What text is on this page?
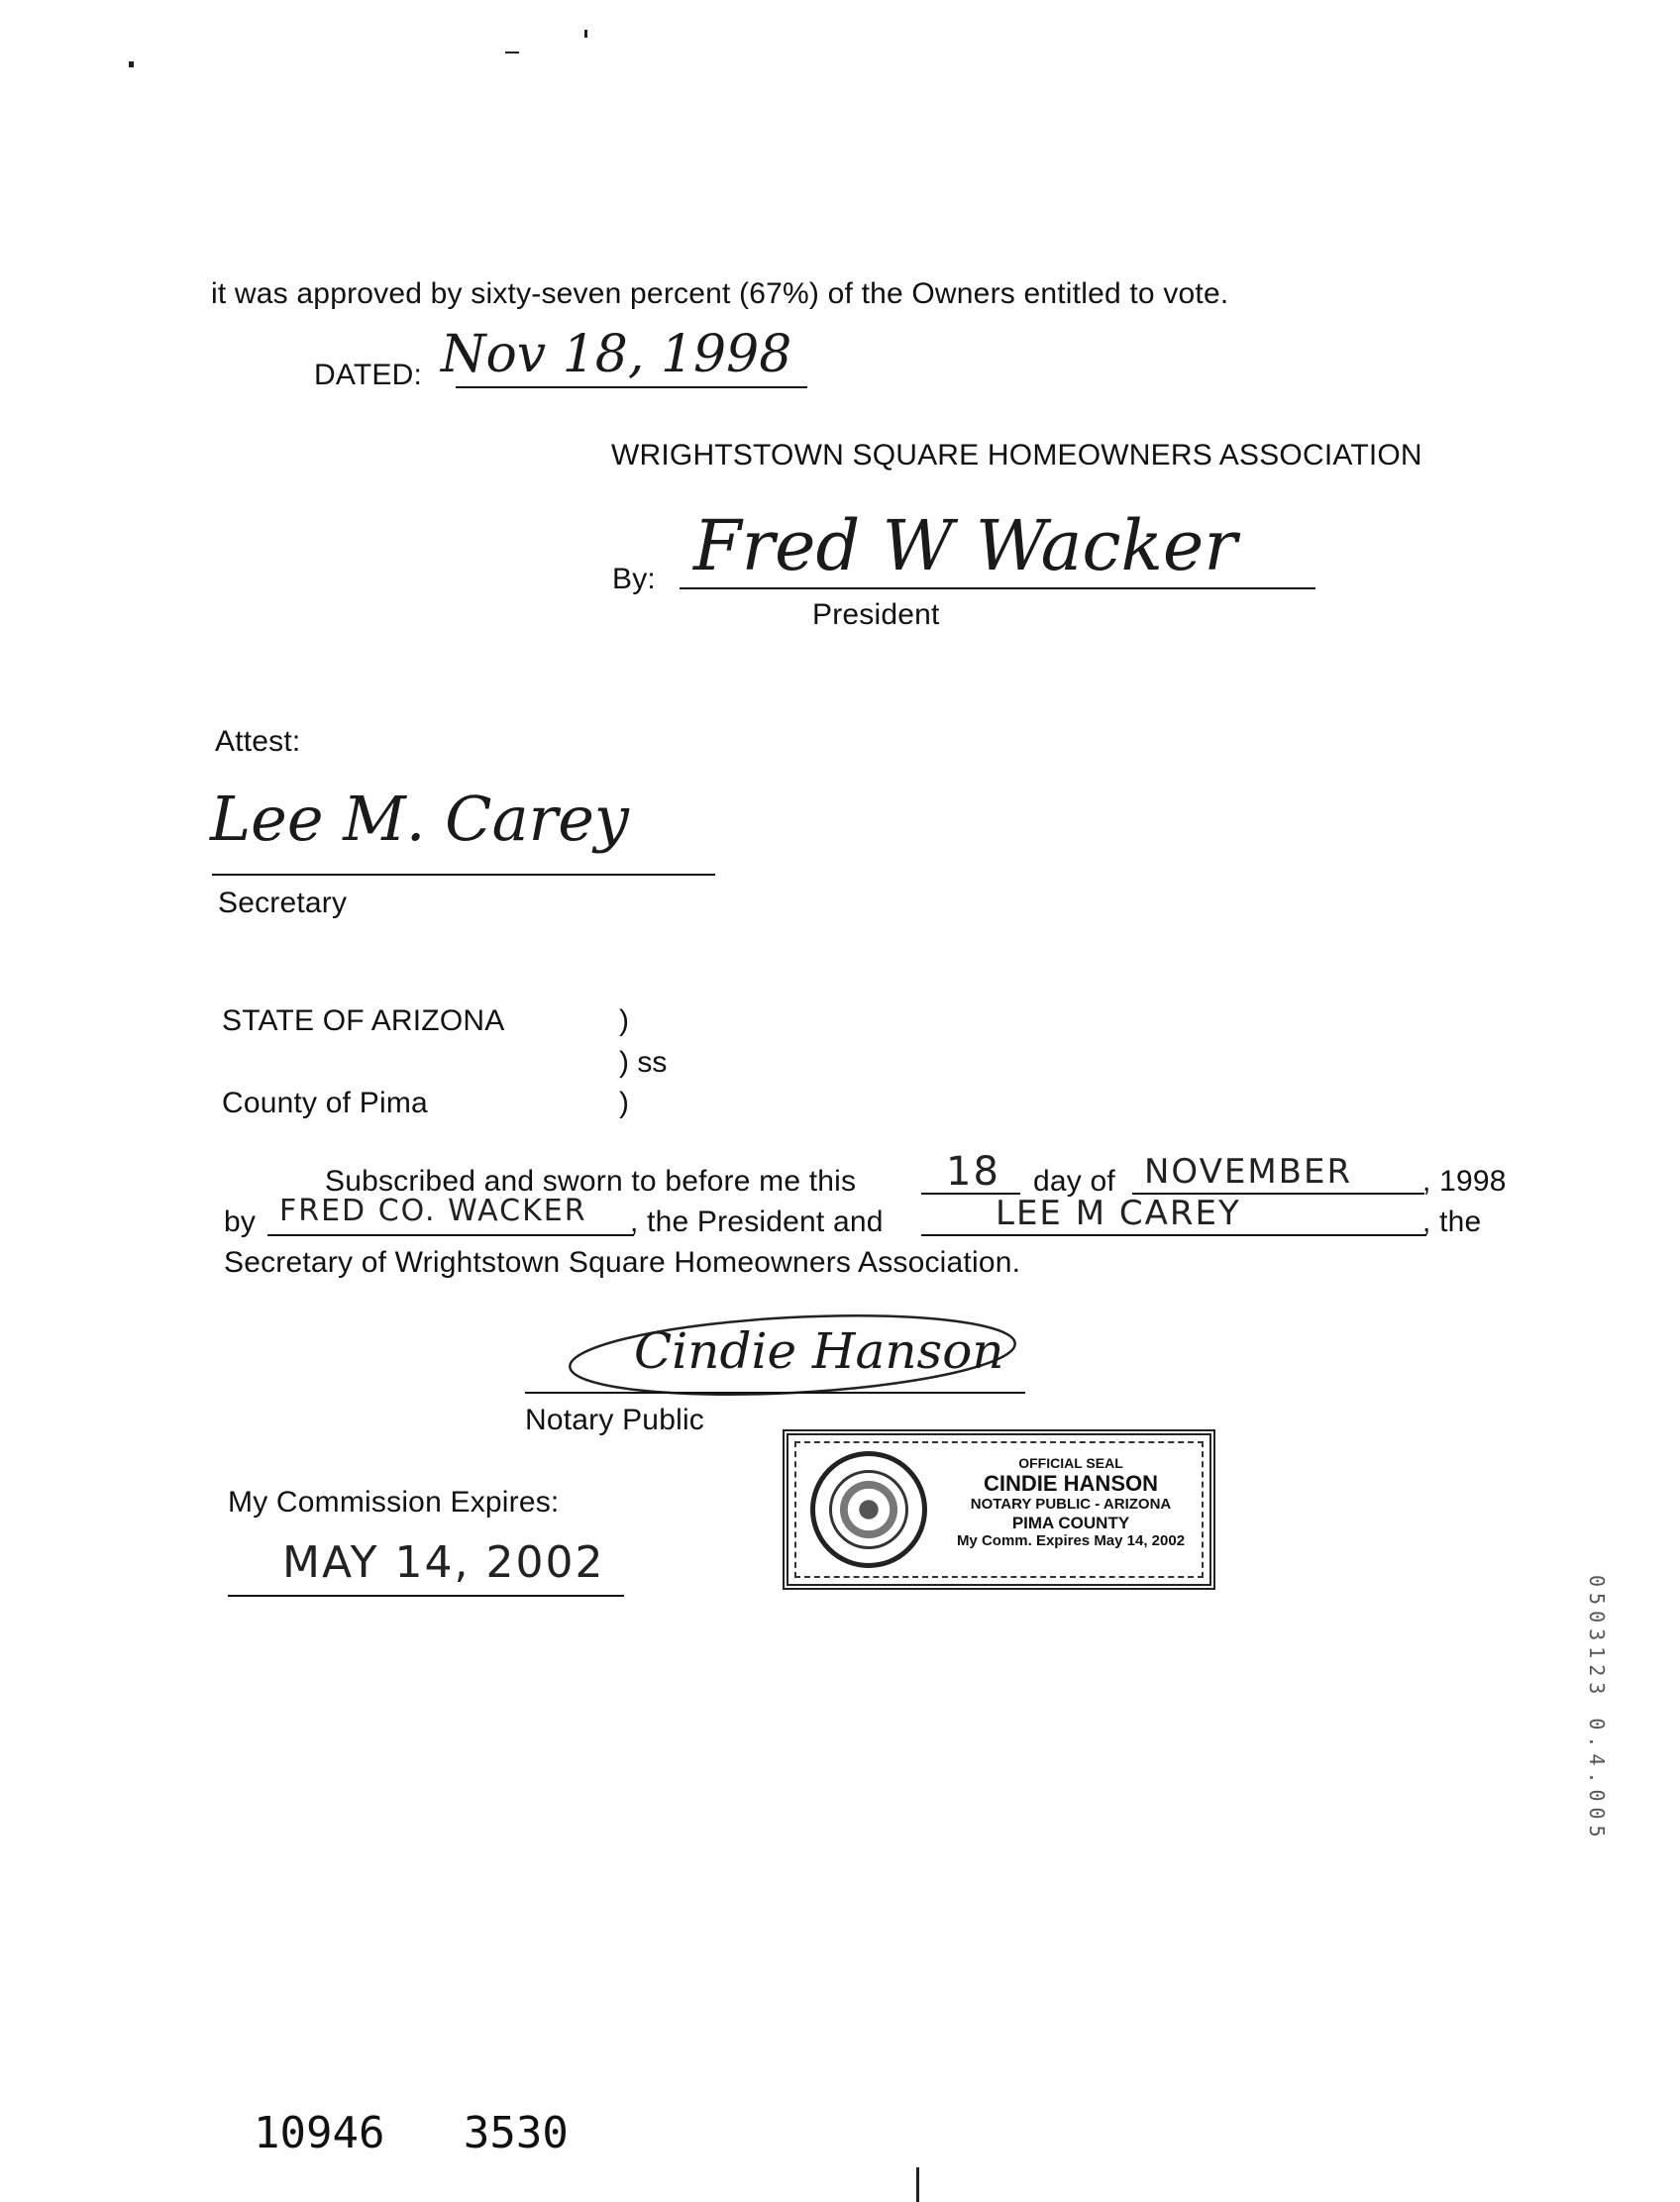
it was approved by sixty-seven percent (67%) of the Owners entitled to vote.
DATED: Nov 18, 1998
WRIGHTSTOWN SQUARE HOMEOWNERS ASSOCIATION
By: Fred W Wacker
President
Attest:
Lee M. Carey
Secretary
STATE OF ARIZONA	)
) ss
County of Pima	)
Subscribed and sworn to before me this 18 day of NOVEMBER , 1998
by FRED CO. WACKER , the President and	LEE M CAREY	, the
Secretary of Wrightstown Square Homeowners Association.
Cindie Hanson
Notary Public
My Commission Expires:
MAY 14, 2002
OFFICIAL SEAL
CINDIE HANSON
NOTARY PUBLIC - ARIZONA
PIMA COUNTY
My Comm. Expires May 14, 2002
0503123 0.4.005
10946   3530
